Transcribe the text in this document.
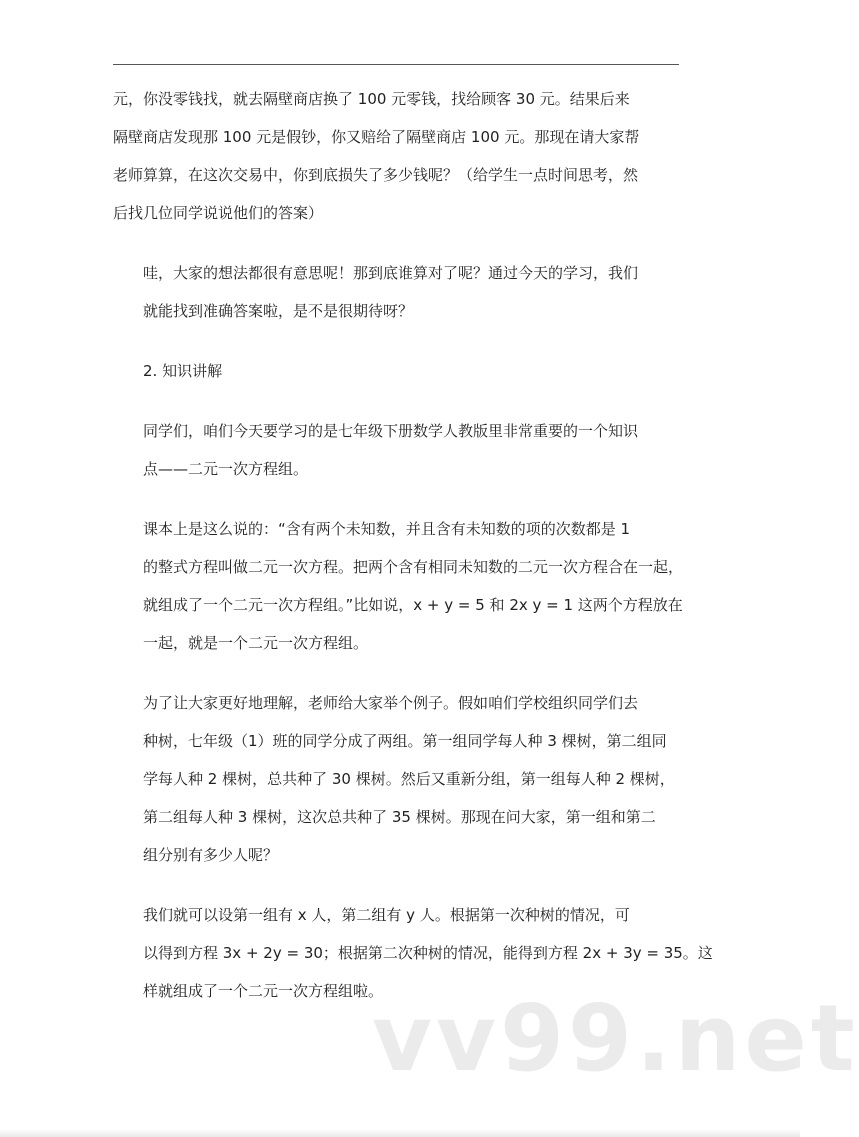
元，你没零钱找，就去隔壁商店换了 100 元零钱，找给顾客 30 元。结果后来
隔壁商店发现那 100 元是假钞，你又赔给了隔壁商店 100 元。那现在请大家帮
老师算算，在这次交易中，你到底损失了多少钱呢？（给学生一点时间思考，然
后找几位同学说说他们的答案）

哇，大家的想法都很有意思呢！那到底谁算对了呢？通过今天的学习，我们
就能找到准确答案啦，是不是很期待呀？

2. 知识讲解

同学们，咱们今天要学习的是七年级下册数学人教版里非常重要的一个知识
点——二元一次方程组。

课本上是这么说的：“含有两个未知数，并且含有未知数的项的次数都是 1
的整式方程叫做二元一次方程。把两个含有相同未知数的二元一次方程合在一起，
就组成了一个二元一次方程组。”比如说，x + y = 5 和 2x y = 1 这两个方程放在
一起，就是一个二元一次方程组。

为了让大家更好地理解，老师给大家举个例子。假如咱们学校组织同学们去
种树，七年级（1）班的同学分成了两组。第一组同学每人种 3 棵树，第二组同
学每人种 2 棵树，总共种了 30 棵树。然后又重新分组，第一组每人种 2 棵树，
第二组每人种 3 棵树，这次总共种了 35 棵树。那现在问大家，第一组和第二
组分别有多少人呢？

我们就可以设第一组有 x 人，第二组有 y 人。根据第一次种树的情况，可
以得到方程 3x + 2y = 30；根据第二次种树的情况，能得到方程 2x + 3y = 35。这
样就组成了一个二元一次方程组啦。

vv99.net
